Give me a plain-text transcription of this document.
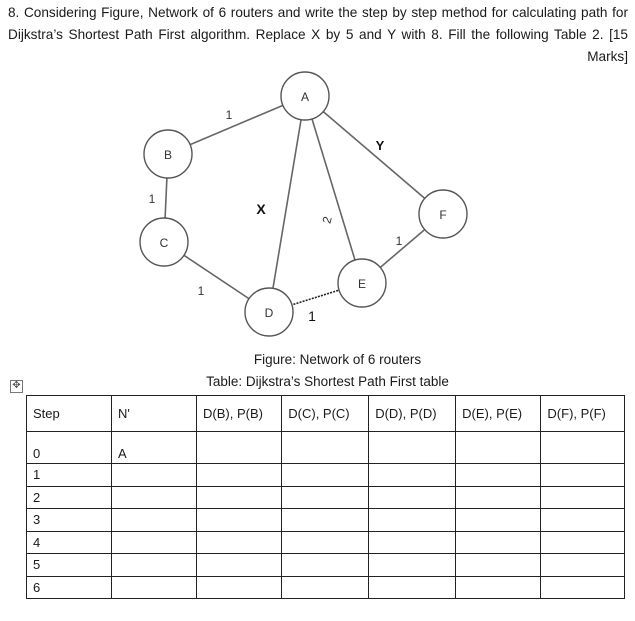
8. Considering Figure, Network of 6 routers and write the step by step method for calculating path for Dijkstra’s Shortest Path First algorithm. Replace X by 5 and Y with 8. Fill the following Table 2. [15 Marks]

1
1
1
X
2
Y
1
1
A
B
C
D
E
F
Figure: Network of 6 routers
Table: Dijkstra’s Shortest Path First table
✥
Step	N'	D(B), P(B)	D(C), P(C)	D(D), P(D)	D(E), P(E)	D(F), P(F)
0	A					
1						
2						
3						
4						
5						
6						
